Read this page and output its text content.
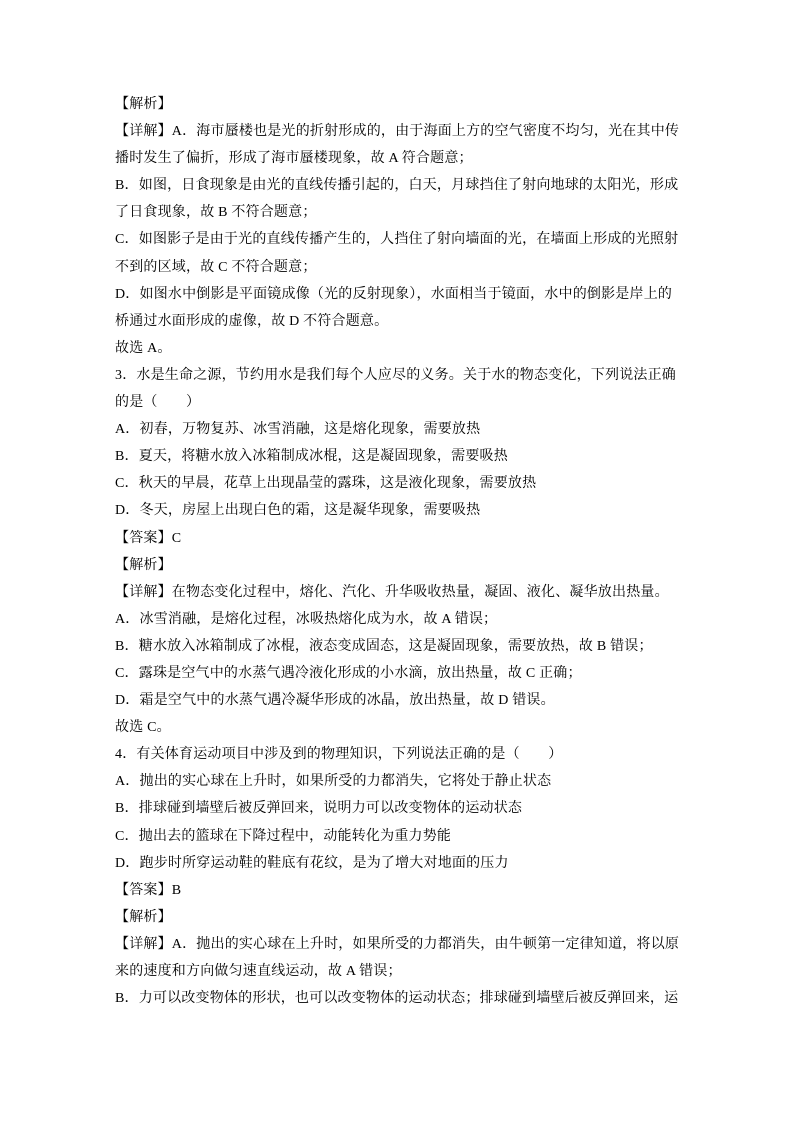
【解析】

【详解】A．海市蜃楼也是光的折射形成的，由于海面上方的空气密度不均匀，光在其中传播时发生了偏折，形成了海市蜃楼现象，故 A 符合题意；

B．如图，日食现象是由光的直线传播引起的，白天，月球挡住了射向地球的太阳光，形成了日食现象，故 B 不符合题意；

C．如图影子是由于光的直线传播产生的，人挡住了射向墙面的光，在墙面上形成的光照射不到的区域，故 C 不符合题意；

D．如图水中倒影是平面镜成像（光的反射现象），水面相当于镜面，水中的倒影是岸上的桥通过水面形成的虚像，故 D 不符合题意。

故选 A。

3．水是生命之源，节约用水是我们每个人应尽的义务。关于水的物态变化，下列说法正确的是（　　）

A．初春，万物复苏、冰雪消融，这是熔化现象，需要放热

B．夏天，将糖水放入冰箱制成冰棍，这是凝固现象，需要吸热

C．秋天的早晨，花草上出现晶莹的露珠，这是液化现象，需要放热

D．冬天，房屋上出现白色的霜，这是凝华现象，需要吸热

【答案】C

【解析】

【详解】在物态变化过程中，熔化、汽化、升华吸收热量，凝固、液化、凝华放出热量。

A．冰雪消融，是熔化过程，冰吸热熔化成为水，故 A 错误；

B．糖水放入冰箱制成了冰棍，液态变成固态，这是凝固现象，需要放热，故 B 错误；

C．露珠是空气中的水蒸气遇冷液化形成的小水滴，放出热量，故 C 正确；

D．霜是空气中的水蒸气遇冷凝华形成的冰晶，放出热量，故 D 错误。

故选 C。

4．有关体育运动项目中涉及到的物理知识，下列说法正确的是（　　）

A．抛出的实心球在上升时，如果所受的力都消失，它将处于静止状态

B．排球碰到墙壁后被反弹回来，说明力可以改变物体的运动状态

C．抛出去的篮球在下降过程中，动能转化为重力势能

D．跑步时所穿运动鞋的鞋底有花纹，是为了增大对地面的压力

【答案】B

【解析】

【详解】A．抛出的实心球在上升时，如果所受的力都消失，由牛顿第一定律知道，将以原来的速度和方向做匀速直线运动，故 A 错误；

B．力可以改变物体的形状，也可以改变物体的运动状态；排球碰到墙壁后被反弹回来，运
